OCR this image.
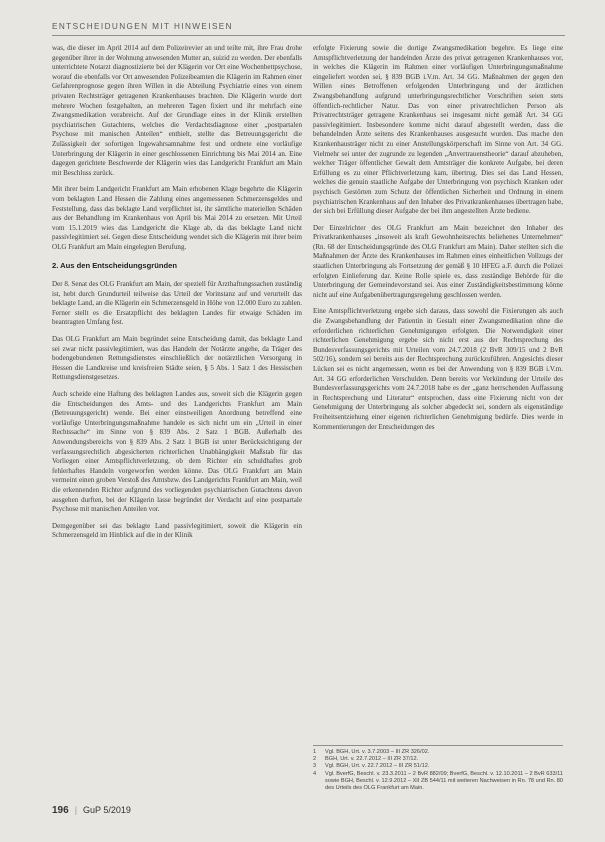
ENTSCHEIDUNGEN MIT HINWEISEN

was, die dieser im April 2014 auf dem Polizeirevier an und teilte mit, ihre Frau drohe gegenüber ihrer in der Wohnung anwesenden Mutter an, suizid zu werden. Der ebenfalls unterrichtete Notarzt diagnostizierte bei der Klägerin vor Ort eine Wochenbettpsychose, worauf die ebenfalls vor Ort anwesenden Polizeibeamten die Klägerin im Rahmen einer Gefahrenprognose gegen ihren Willen in die Abteilung Psychiatrie eines von einem privaten Rechtsträger getragenen Krankenhauses brachten. Die Klägerin wurde dort mehrere Wochen festgehalten, an mehreren Tagen fixiert und ihr mehrfach eine Zwangsmedikation verabreicht. Auf der Grundlage eines in der Klinik erstellten psychiatrischen Gutachtens, welches die Verdachtsdiagnose einer „postpartalen Psychose mit manischen Anteilen“ enthielt, stellte das Betreuungsgericht die Zulässigkeit der sofortigen Ingewahrsamnahme fest und ordnete eine vorläufige Unterbringung der Klägerin in einer geschlossenen Einrichtung bis Mai 2014 an. Eine dagegen gerichtete Beschwerde der Klägerin wies das Landgericht Frankfurt am Main mit Beschluss zurück.

Mit ihrer beim Landgericht Frankfurt am Main erhobenen Klage begehrte die Klägerin vom beklagten Land Hessen die Zahlung eines angemessenen Schmerzensgeldes und Feststellung, dass das beklagte Land verpflichtet ist, ihr sämtliche materiellen Schäden aus der Behandlung im Krankenhaus von April bis Mai 2014 zu ersetzen. Mit Urteil vom 15.1.2019 wies das Landgericht die Klage ab, da das beklagte Land nicht passivlegitimiert sei. Gegen diese Entscheidung wendet sich die Klägerin mit ihrer beim OLG Frankfurt am Main eingelegten Berufung.

2. Aus den Entscheidungsgründen

Der 8. Senat des OLG Frankfurt am Main, der speziell für Arzthaftungssachen zuständig ist, hebt durch Grundurteil teilweise das Urteil der Vorinstanz auf und verurteilt das beklagte Land, an die Klägerin ein Schmerzensgeld in Höhe von 12.000 Euro zu zahlen. Ferner stellt es die Ersatzpflicht des beklagten Landes für etwaige Schäden im beantragten Umfang fest.

Das OLG Frankfurt am Main begründet seine Entscheidung damit, das beklagte Land sei zwar nicht passivlegitimiert, was das Handeln der Notärzte angehe, da Träger des bodengebundenen Rettungsdienstes einschließlich der notärztlichen Versorgung in Hessen die Landkreise und kreisfreien Städte seien, § 5 Abs. 1 Satz 1 des Hessischen Rettungsdienstgesetzes.

Auch scheide eine Haftung des beklagten Landes aus, soweit sich die Klägerin gegen die Entscheidungen des Amts- und des Landgerichts Frankfurt am Main (Betreuungsgericht) wende. Bei einer einstweiligen Anordnung betreffend eine vorläufige Unterbringungsmaßnahme handele es sich nicht um ein „Urteil in einer Rechtssache“ im Sinne von § 839 Abs. 2 Satz 1 BGB. Außerhalb des Anwendungsbereichs von § 839 Abs. 2 Satz 1 BGB ist unter Berücksichtigung der verfassungsrechtlich abgesicherten richterlichen Unabhängigkeit Maßstab für das Vorliegen einer Amtspflichtverletzung, ob dem Richter ein schuldhaftes grob fehlerhaftes Handeln vorgeworfen werden könne. Das OLG Frankfurt am Main vermeint einen groben Verstoß des Amtsbzw. des Landgerichts Frankfurt am Main, weil die erkennenden Richter aufgrund des vorliegenden psychiatrischen Gutachtens davon ausgehen durften, bei der Klägerin lasse begründet der Verdacht auf eine postpartale Psychose mit manischen Anteilen vor.

Demgegenüber sei das beklagte Land passivlegitimiert, soweit die Klägerin ein Schmerzensgeld im Hinblick auf die in der Klinik

erfolgte Fixierung sowie die dortige Zwangsmedikation begehre. Es liege eine Amtspflichtverletzung der handelnden Ärzte des privat getragenen Krankenhauses vor, in welches die Klägerin im Rahmen einer vorläufigen Unterbringungsmaßnahme eingeliefert worden sei, § 839 BGB i.V.m. Art. 34 GG. Maßnahmen der gegen den Willen eines Betroffenen erfolgenden Unterbringung und der ärztlichen Zwangsbehandlung aufgrund unterbringungsrechtlicher Vorschriften seien stets öffentlich-rechtlicher Natur. Das von einer privatrechtlichen Person als Privatrechtsträger getragene Krankenhaus sei insgesamt nicht gemäß Art. 34 GG passivlegitimiert. Insbesondere komme nicht darauf abgestellt werden, dass die behandelnden Ärzte seitens des Krankenhauses ausgesucht wurden. Das mache den Krankenhausträger nicht zu einer Anstellungskörperschaft im Sinne von Art. 34 GG. Vielmehr sei unter der zugrunde zu legenden „Anvertrauenstheorie“ darauf abzuheben, welcher Träger öffentlicher Gewalt dem Amtsträger die konkrete Aufgabe, bei deren Erfüllung es zu einer Pflichtverletzung kam, übertrug. Dies sei das Land Hessen, welches die genuin staatliche Aufgabe der Unterbringung von psychisch Kranken oder psychisch Gestörten zum Schutz der öffentlichen Sicherheit und Ordnung in einem psychiatrischen Krankenhaus auf den Inhaber des Privatkrankenhauses übertragen habe, der sich bei Erfüllung dieser Aufgabe der bei ihm angestellten Ärzte bediene.

Der Einzelrichter des OLG Frankfurt am Main bezeichnet den Inhaber des Privatkrankenhauses „insoweit als kraft Gewohnheitsrechts beliehenes Unternehmen“ (Rn. 68 der Entscheidungsgründe des OLG Frankfurt am Main). Daher stellten sich die Maßnahmen der Ärzte des Krankenhauses im Rahmen eines einheitlichen Vollzugs der staatlichen Unterbringung als Fortsetzung der gemäß § 10 HFEG a.F. durch die Polizei erfolgten Einlieferung dar. Keine Rolle spiele es, dass zuständige Behörde für die Unterbringung der Gemeindevorstand sei. Aus einer Zuständigkeitsbestimmung könne nicht auf eine Aufgabenübertragungsregelung geschlossen werden.

Eine Amtspflichtverletzung ergebe sich daraus, dass sowohl die Fixierungen als auch die Zwangsbehandlung der Patientin in Gestalt einer Zwangsmedikation ohne die erforderlichen richterlichen Genehmigungen erfolgten. Die Notwendigkeit einer richterlichen Genehmigung ergebe sich nicht erst aus der Rechtsprechung des Bundesverfassungsgerichts mit Urteilen vom 24.7.2018 (2 BvR 309/15 und 2 BvR 502/16), sondern sei bereits aus der Rechtsprechung zurückzuführen. Angesichts dieser Lücken sei es nicht angemessen, wenn es bei der Anwendung von § 839 BGB i.V.m. Art. 34 GG erforderlichen Verschulden. Denn bereits vor Verkündung der Urteile des Bundesverfassungsgerichts vom 24.7.2018 habe es der „ganz herrschenden Auffassung in Rechtsprechung und Literatur“ entsprochen, dass eine Fixierung nicht von der Genehmigung der Unterbringung als solcher abgedeckt sei, sondern als eigenständige Freiheitsentziehung einer eigenen richterlichen Genehmigung bedürfe. Dies werde in Kommentierungen der Entscheidungen des

1	Vgl. BGH, Urt. v. 3.7.2003 – III ZR 326/02.
2	BGH, Urt. v. 22.7.2012 – III ZR 37/12.
3	Vgl. BGH, Urt. v. 22.7.2012 – III ZR 51/12.
4	Vgl. BverfG, Beschl. v. 23.3.2011 – 2 BvR 882/09; BverfG, Beschl. v. 12.10.2011 – 2 BvR 633/11 sowie BGH, Beschl. v. 12.9.2012 – XII ZB 544/11 mit weiteren Nachweisen in Rn. 78 und Rn. 80 des Urteils des OLG Frankfurt am Main.
196 | GuP 5/2019
